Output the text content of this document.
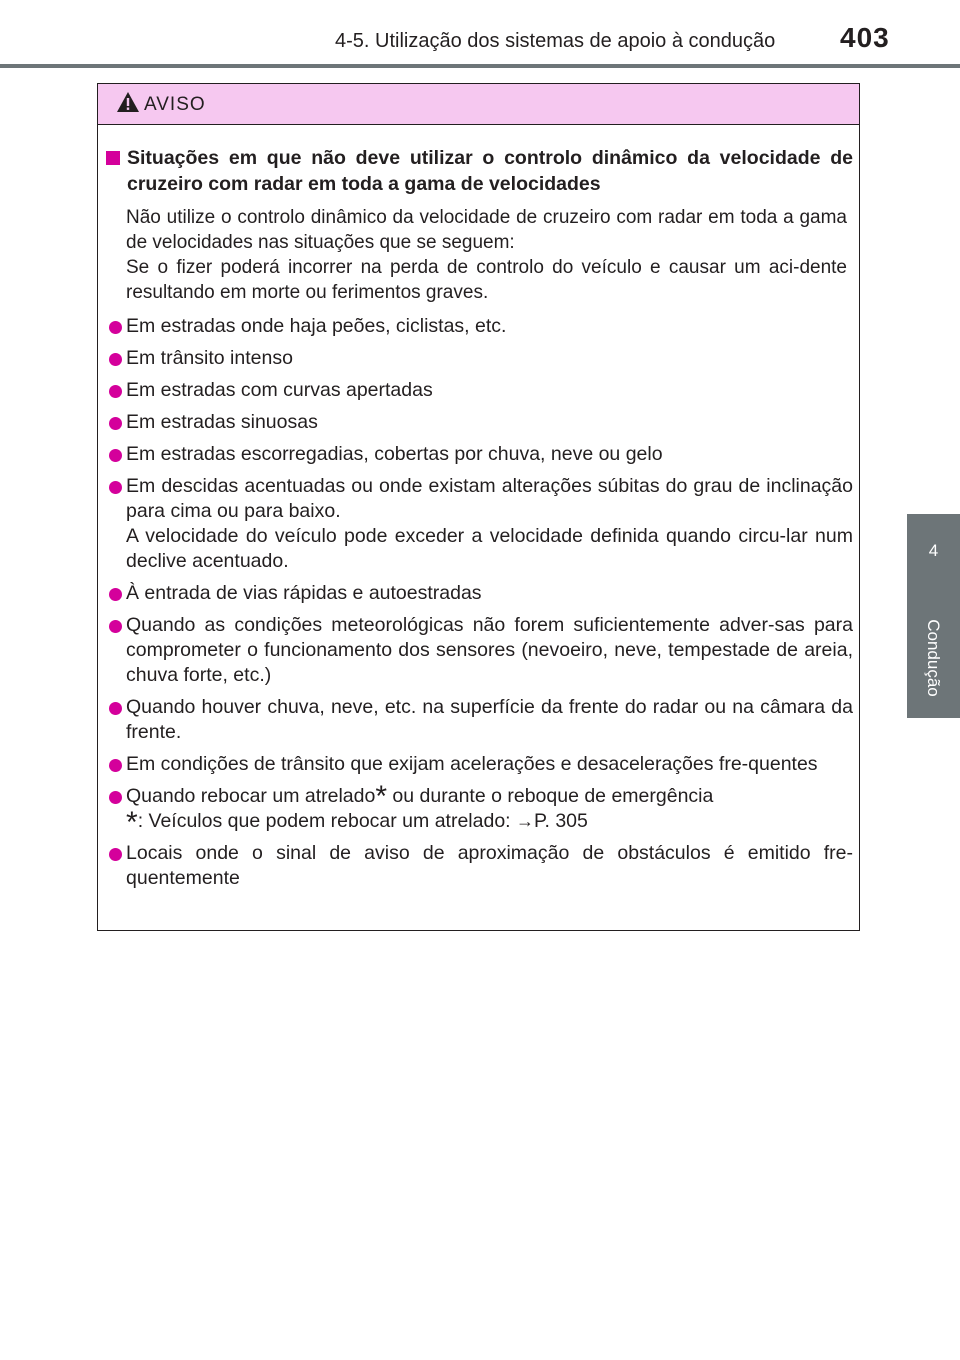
4-5. Utilização dos sistemas de apoio à condução 403
4
Condução
AVISO
Situações em que não deve utilizar o controlo dinâmico da velocidade de cruzeiro com radar em toda a gama de velocidades
Não utilize o controlo dinâmico da velocidade de cruzeiro com radar em toda a gama de velocidades nas situações que se seguem:
Se o fizer poderá incorrer na perda de controlo do veículo e causar um aci-dente resultando em morte ou ferimentos graves.
Em estradas onde haja peões, ciclistas, etc.
Em trânsito intenso
Em estradas com curvas apertadas
Em estradas sinuosas
Em estradas escorregadias, cobertas por chuva, neve ou gelo
Em descidas acentuadas ou onde existam alterações súbitas do grau de inclinação para cima ou para baixo.
A velocidade do veículo pode exceder a velocidade definida quando circu-lar num declive acentuado.
À entrada de vias rápidas e autoestradas
Quando as condições meteorológicas não forem suficientemente adver-sas para comprometer o funcionamento dos sensores (nevoeiro, neve, tempestade de areia, chuva forte, etc.)
Quando houver chuva, neve, etc. na superfície da frente do radar ou na câmara da frente.
Em condições de trânsito que exijam acelerações e desacelerações fre-quentes
Quando rebocar um atrelado* ou durante o reboque de emergência
*: Veículos que podem rebocar um atrelado: →P. 305
Locais onde o sinal de aviso de aproximação de obstáculos é emitido fre-quentemente
